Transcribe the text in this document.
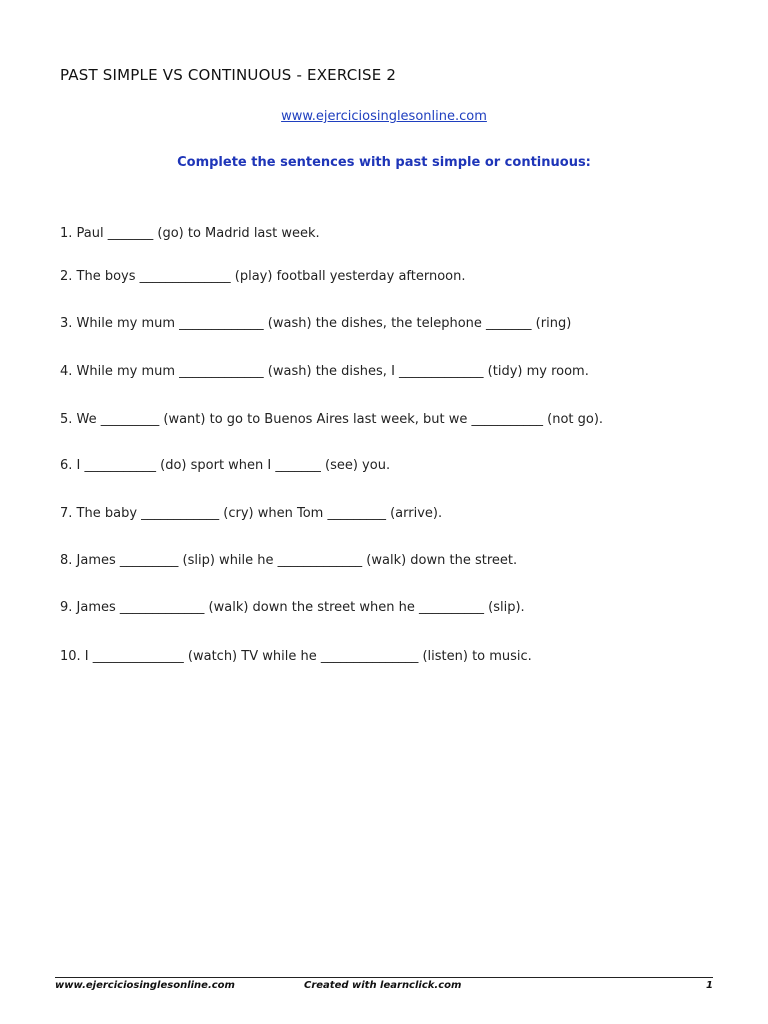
PAST SIMPLE VS CONTINUOUS - EXERCISE 2
www.ejerciciosinglesonline.com
Complete the sentences with past simple or continuous:
1. Paul _______ (go) to Madrid last week.
2. The boys ______________ (play) football yesterday afternoon.
3. While my mum _____________ (wash) the dishes, the telephone _______ (ring)
4. While my mum _____________ (wash) the dishes, I _____________ (tidy) my room.
5. We _________ (want) to go to Buenos Aires last week, but we ___________ (not go).
6. I ___________ (do) sport when I _______ (see) you.
7. The baby ____________ (cry) when Tom _________ (arrive).
8. James _________ (slip) while he _____________ (walk) down the street.
9. James _____________ (walk) down the street when he __________ (slip).
10. I ______________ (watch) TV while he _______________ (listen) to music.
www.ejerciciosinglesonline.com	Created with learnclick.com	1
